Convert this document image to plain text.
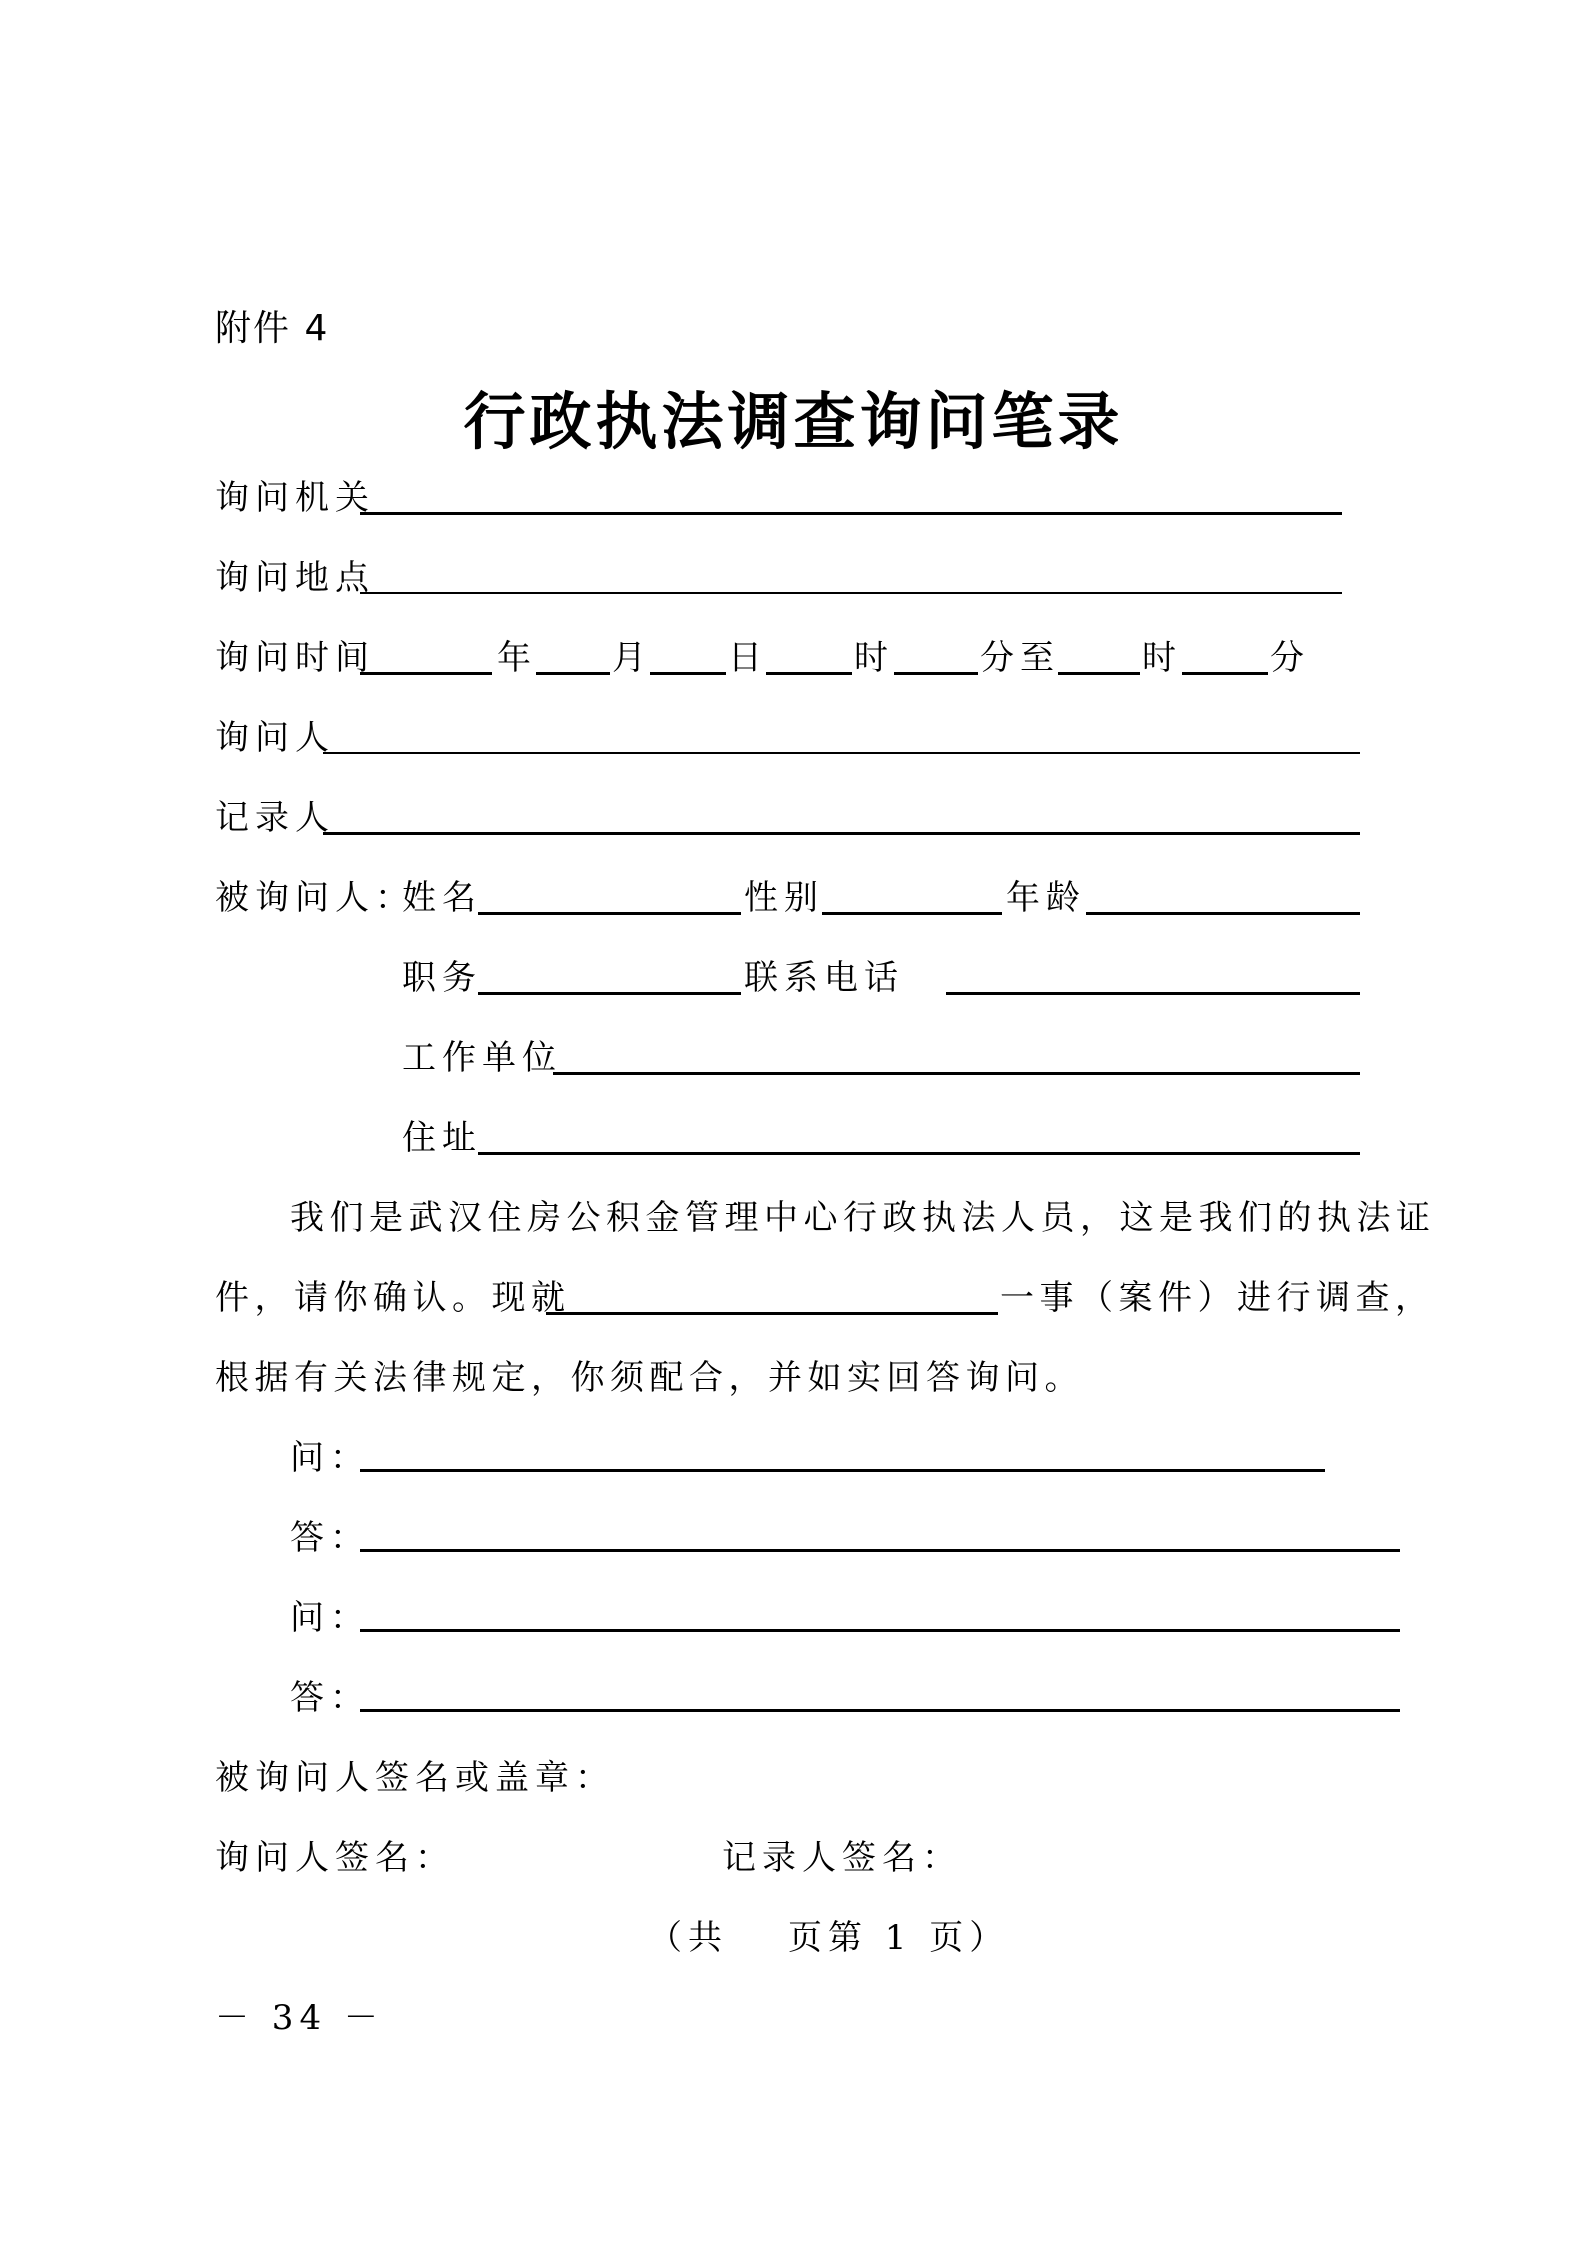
附件 4
行政执法调查询问笔录
询问机关
询问地点
询问时间	年 月 日	时	分至 时	分
询问人
记录人
被询问人：
姓名	性别	年龄
职务	联系电话
工作单位
住址
我们是武汉住房公积金管理中心行政执法人员，这是我们的执法证
件，请你确认。现就	一事（案件）进行调查，
根据有关法律规定，你须配合，并如实回答询问。
问：
答：
问：
答：
被询问人签名或盖章：
询问人签名：	记录人签名：
（共 页第 1 页）
－ 34 －
